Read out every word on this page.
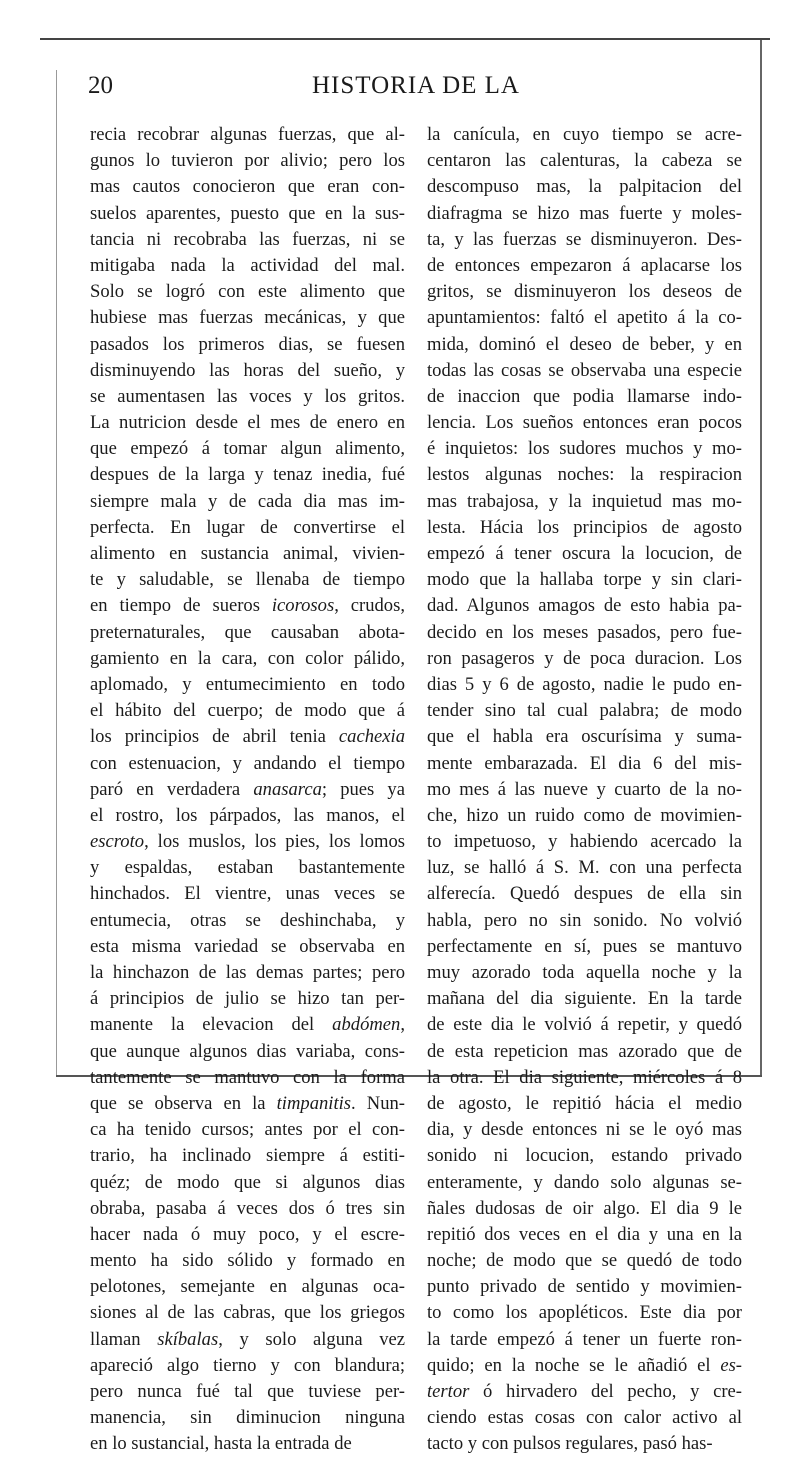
20	HISTORIA DE LA
recia recobrar algunas fuerzas, que al-
gunos lo tuvieron por alivio; pero los
mas cautos conocieron que eran con-
suelos aparentes, puesto que en la sus-
tancia ni recobraba las fuerzas, ni se
mitigaba nada la actividad del mal.
Solo se logró con este alimento que
hubiese mas fuerzas mecánicas, y que
pasados los primeros dias, se fuesen
disminuyendo las horas del sueño, y
se aumentasen las voces y los gritos.
La nutricion desde el mes de enero en
que empezó á tomar algun alimento,
despues de la larga y tenaz inedia, fué
siempre mala y de cada dia mas im-
perfecta. En lugar de convertirse el
alimento en sustancia animal, vivien-
te y saludable, se llenaba de tiempo
en tiempo de sueros icorosos, crudos,
preternaturales, que causaban abota-
gamiento en la cara, con color pálido,
aplomado, y entumecimiento en todo
el hábito del cuerpo; de modo que á
los principios de abril tenia cachexia
con estenuacion, y andando el tiempo
paró en verdadera anasarca; pues ya
el rostro, los párpados, las manos, el
escroto, los muslos, los pies, los lomos
y espaldas, estaban bastantemente
hinchados. El vientre, unas veces se
entumecia, otras se deshinchaba, y
esta misma variedad se observaba en
la hinchazon de las demas partes; pero
á principios de julio se hizo tan per-
manente la elevacion del abdómen,
que aunque algunos dias variaba, cons-
tantemente se mantuvo con la forma
que se observa en la timpanitis. Nun-
ca ha tenido cursos; antes por el con-
trario, ha inclinado siempre á estiti-
quéz; de modo que si algunos dias
obraba, pasaba á veces dos ó tres sin
hacer nada ó muy poco, y el escre-
mento ha sido sólido y formado en
pelotones, semejante en algunas oca-
siones al de las cabras, que los griegos
llaman skíbalas, y solo alguna vez
apareció algo tierno y con blandura;
pero nunca fué tal que tuviese per-
manencia, sin diminucion ninguna
en lo sustancial, hasta la entrada de
la canícula, en cuyo tiempo se acre-
centaron las calenturas, la cabeza se
descompuso mas, la palpitacion del
diafragma se hizo mas fuerte y moles-
ta, y las fuerzas se disminuyeron. Des-
de entonces empezaron á aplacarse los
gritos, se disminuyeron los deseos de
apuntamientos: faltó el apetito á la co-
mida, dominó el deseo de beber, y en
todas las cosas se observaba una especie
de inaccion que podia llamarse indo-
lencia. Los sueños entonces eran pocos
é inquietos: los sudores muchos y mo-
lestos algunas noches: la respiracion
mas trabajosa, y la inquietud mas mo-
lesta. Hácia los principios de agosto
empezó á tener oscura la locucion, de
modo que la hallaba torpe y sin clari-
dad. Algunos amagos de esto habia pa-
decido en los meses pasados, pero fue-
ron pasageros y de poca duracion. Los
dias 5 y 6 de agosto, nadie le pudo en-
tender sino tal cual palabra; de modo
que el habla era oscurísima y suma-
mente embarazada. El dia 6 del mis-
mo mes á las nueve y cuarto de la no-
che, hizo un ruido como de movimien-
to impetuoso, y habiendo acercado la
luz, se halló á S. M. con una perfecta
alferecía. Quedó despues de ella sin
habla, pero no sin sonido. No volvió
perfectamente en sí, pues se mantuvo
muy azorado toda aquella noche y la
mañana del dia siguiente. En la tarde
de este dia le volvió á repetir, y quedó
de esta repeticion mas azorado que de
la otra. El dia siguiente, miércoles á 8
de agosto, le repitió hácia el medio
dia, y desde entonces ni se le oyó mas
sonido ni locucion, estando privado
enteramente, y dando solo algunas se-
ñales dudosas de oir algo. El dia 9 le
repitió dos veces en el dia y una en la
noche; de modo que se quedó de todo
punto privado de sentido y movimien-
to como los apopléticos. Este dia por
la tarde empezó á tener un fuerte ron-
quido; en la noche se le añadió el es-
tertor ó hirvadero del pecho, y cre-
ciendo estas cosas con calor activo al
tacto y con pulsos regulares, pasó has-
